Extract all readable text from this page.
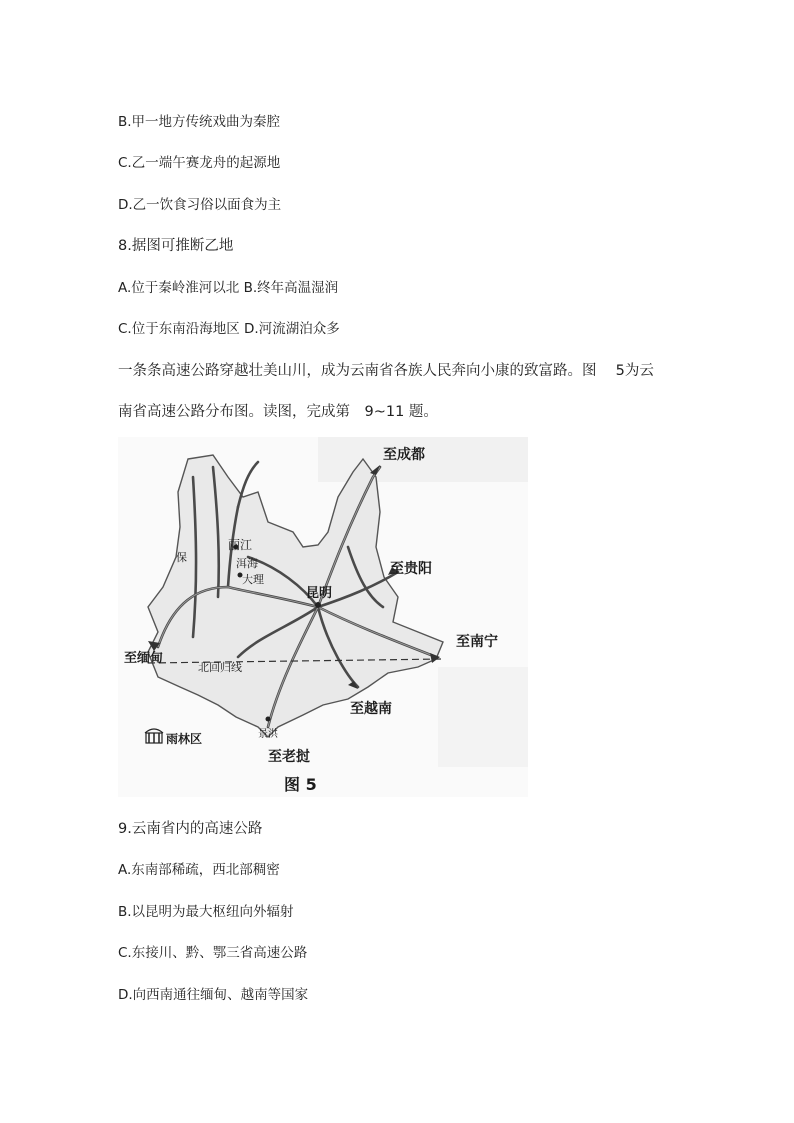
B.甲一地方传统戏曲为秦腔
C.乙一端午赛龙舟的起源地
D.乙一饮食习俗以面食为主
8.据图可推断乙地
A.位于秦岭淮河以北 B.终年高温湿润
C.位于东南沿海地区 D.河流湖泊众多
一条条高速公路穿越壮美山川，成为云南省各族人民奔向小康的致富路。图　 5为云
南省高速公路分布图。读图，完成第　9~11 题。
至成都
至贵阳
至南宁
至缅甸
至越南
至老挝
昆明
丽江
洱海
大理
保
北回归线
景洪
雨林区
图 5
9.云南省内的高速公路
A.东南部稀疏，西北部稠密
B.以昆明为最大枢纽向外辐射
C.东接川、黔、鄂三省高速公路
D.向西南通往缅甸、越南等国家
